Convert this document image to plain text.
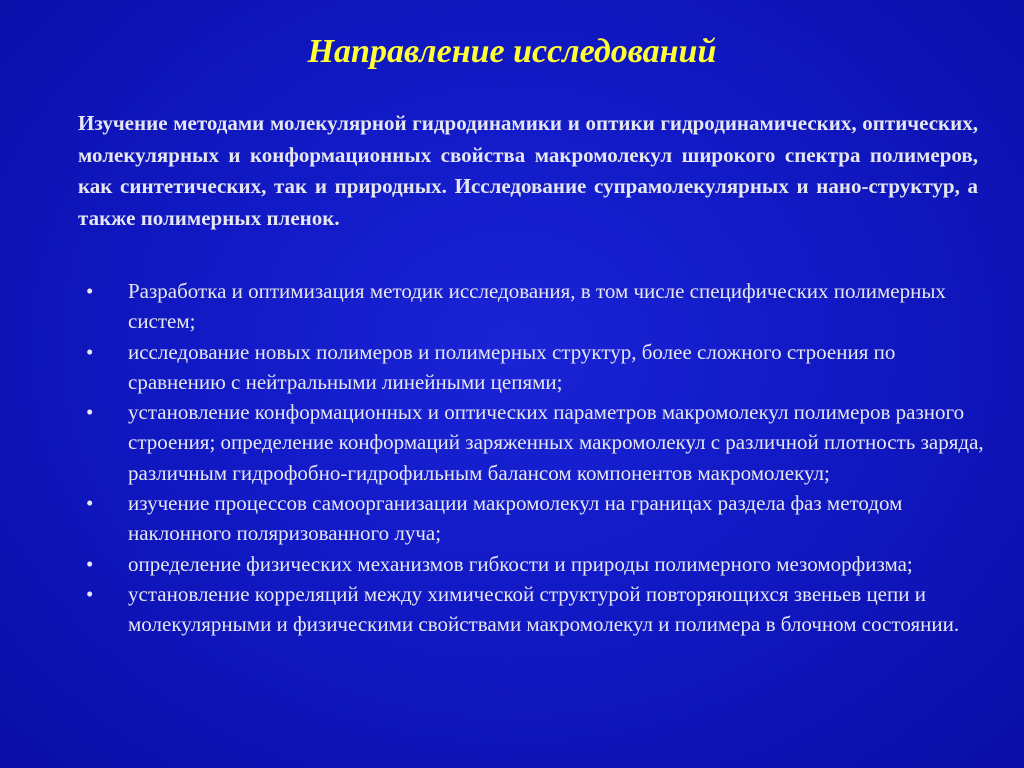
Направление исследований

Изучение методами молекулярной гидродинамики и оптики гидродинамических, оптических, молекулярных и конформационных свойства макромолекул широкого спектра полимеров, как синтетических, так и природных. Исследование супрамолекулярных и нано-структур, а также полимерных пленок.

• Разработка и оптимизация методик исследования, в том числе специфических полимерных систем;
• исследование новых полимеров и полимерных структур, более сложного строения по сравнению с нейтральными линейными цепями;
• установление конформационных и оптических параметров макромолекул полимеров разного строения; определение конформаций заряженных макромолекул с различной плотность заряда, различным гидрофобно-гидрофильным балансом компонентов макромолекул;
• изучение процессов самоорганизации макромолекул на границах раздела фаз методом наклонного поляризованного луча;
• определение физических механизмов гибкости и природы полимерного мезоморфизма;
• установление корреляций между химической структурой повторяющихся звеньев цепи и молекулярными и физическими свойствами макромолекул и полимера в блочном состоянии.
